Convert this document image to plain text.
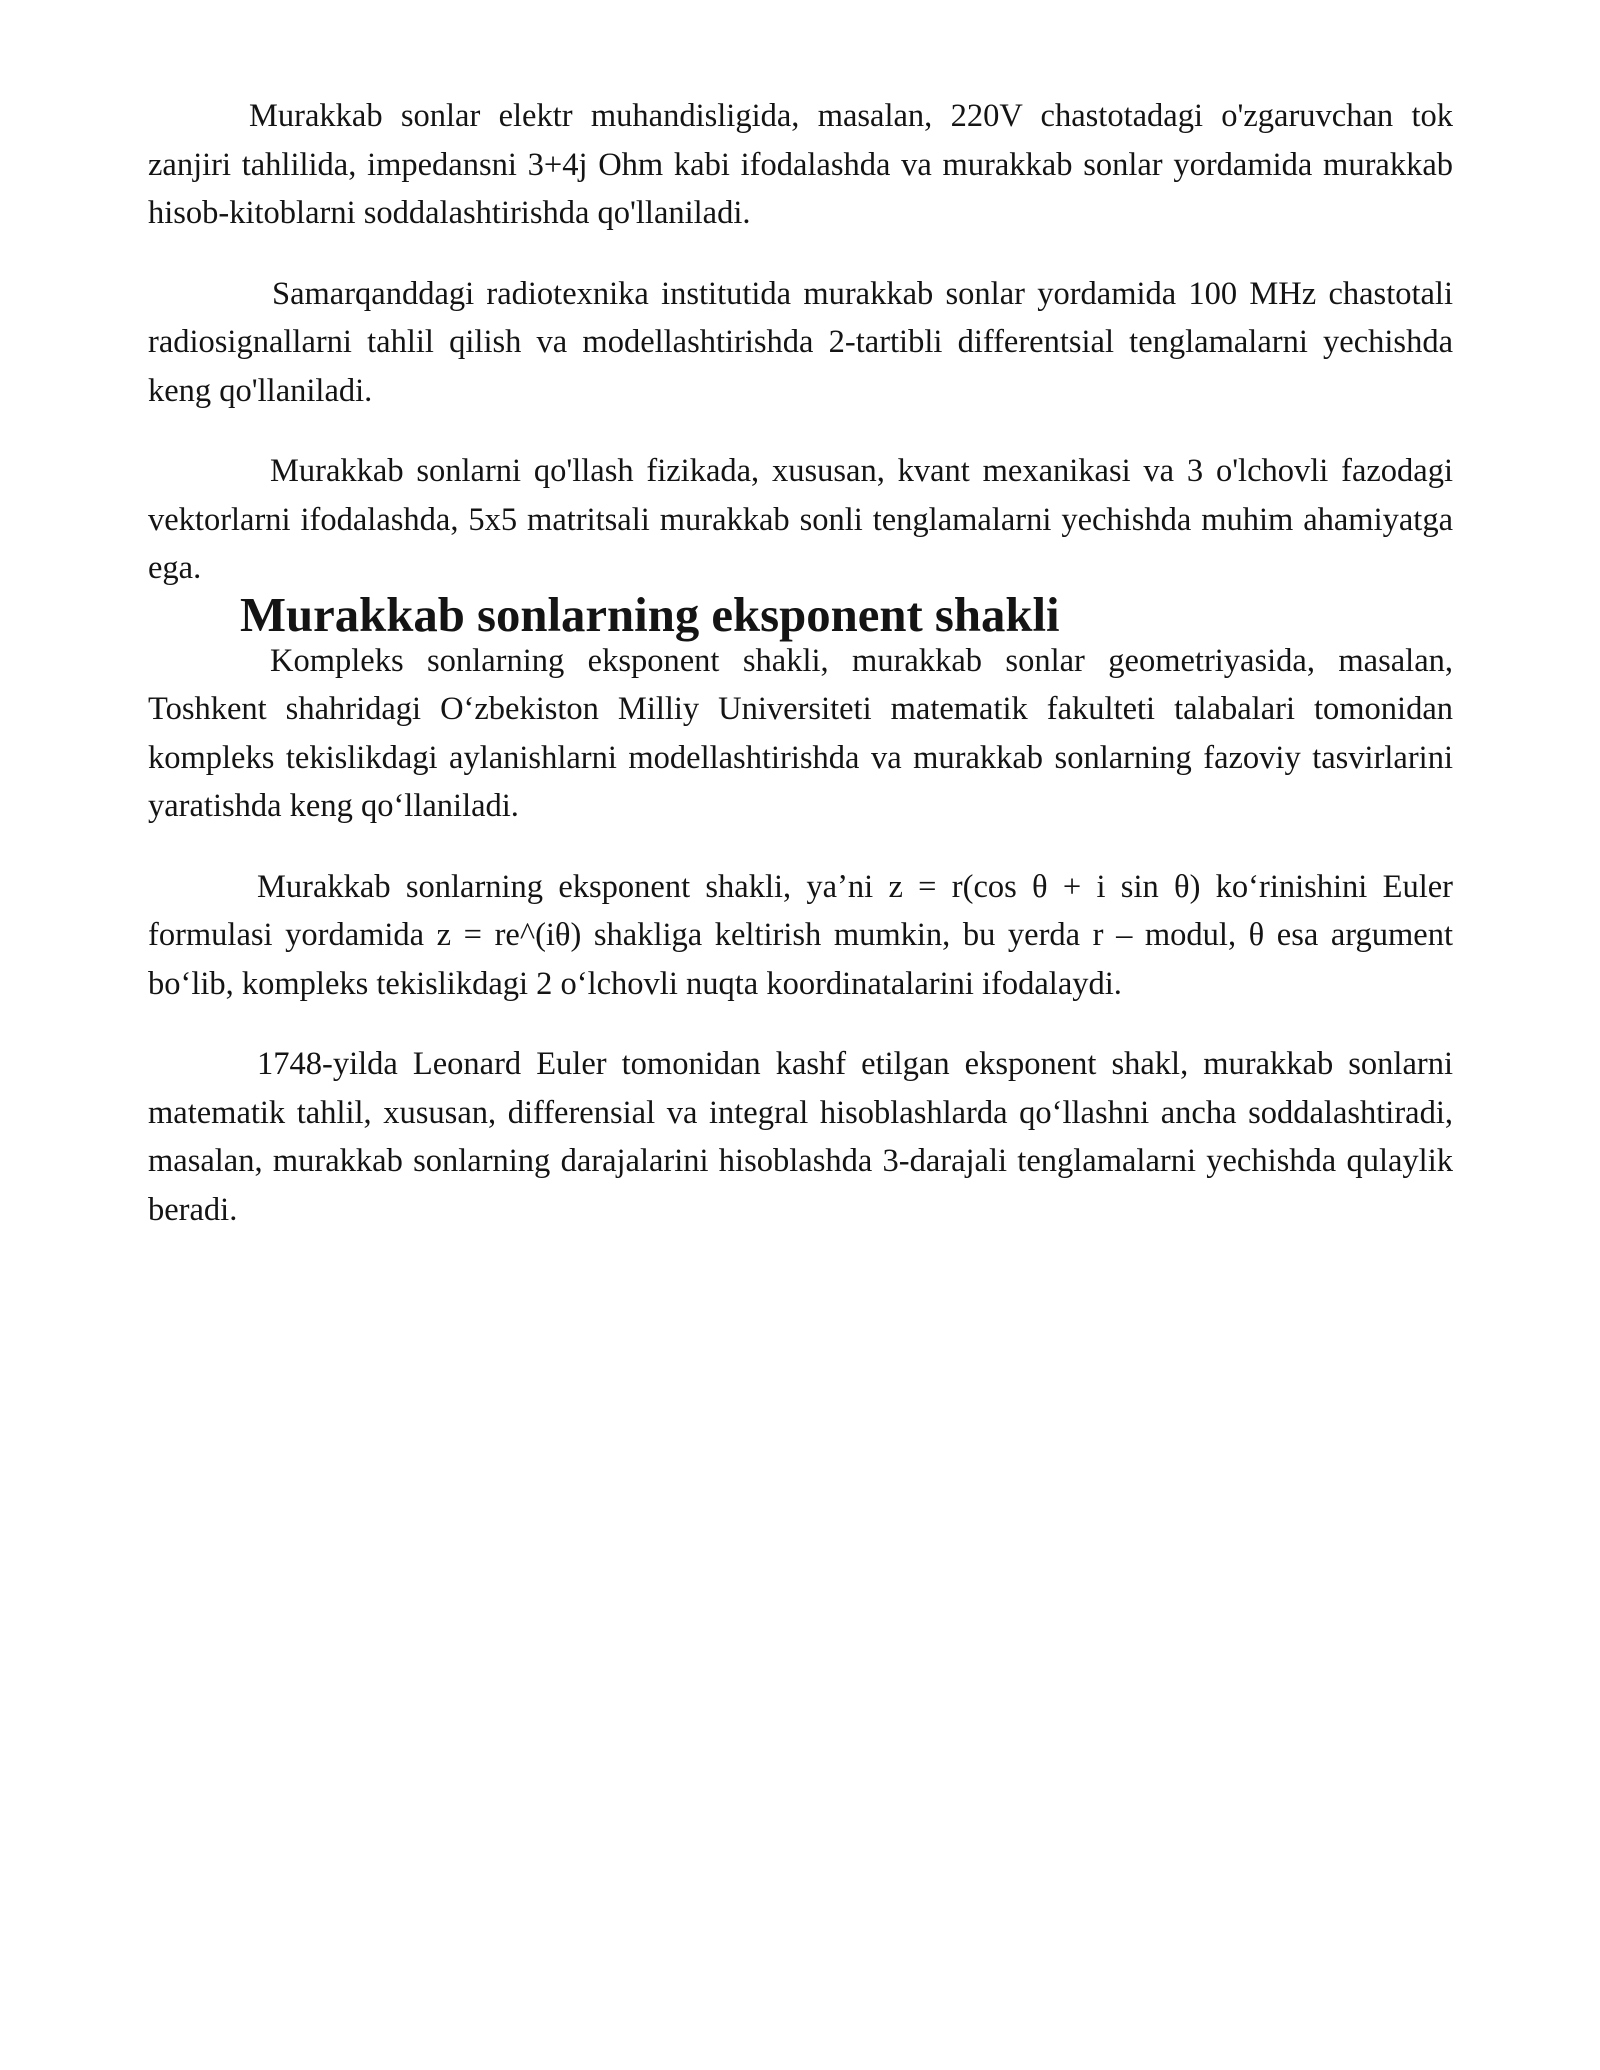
Murakkab sonlar elektr muhandisligida, masalan, 220V chastotadagi o'zgaruvchan tok zanjiri tahlilida, impedansni 3+4j Ohm kabi ifodalashda va murakkab sonlar yordamida murakkab hisob-kitoblarni soddalashtirishda qo'llaniladi.

Samarqanddagi radiotexnika institutida murakkab sonlar yordamida 100 MHz chastotali radiosignallarni tahlil qilish va modellashtirishda 2-tartibli differentsial tenglamalarni yechishda keng qo'llaniladi.

Murakkab sonlarni qo'llash fizikada, xususan, kvant mexanikasi va 3 o'lchovli fazodagi vektorlarni ifodalashda, 5x5 matritsali murakkab sonli tenglamalarni yechishda muhim ahamiyatga ega.

Murakkab sonlarning eksponent shakli

Kompleks sonlarning eksponent shakli, murakkab sonlar geometriyasida, masalan, Toshkent shahridagi Oʻzbekiston Milliy Universiteti matematik fakulteti talabalari tomonidan kompleks tekislikdagi aylanishlarni modellashtirishda va murakkab sonlarning fazoviy tasvirlarini yaratishda keng qoʻllaniladi.

Murakkab sonlarning eksponent shakli, yaʼni z = r(cos θ + i sin θ) koʻrinishini Euler formulasi yordamida z = re^(iθ) shakliga keltirish mumkin, bu yerda r – modul, θ esa argument boʻlib, kompleks tekislikdagi 2 oʻlchovli nuqta koordinatalarini ifodalaydi.

1748-yilda Leonard Euler tomonidan kashf etilgan eksponent shakl, murakkab sonlarni matematik tahlil, xususan, differensial va integral hisoblashlarda qoʻllashni ancha soddalashtiradi, masalan, murakkab sonlarning darajalarini hisoblashda 3-darajali tenglamalarni yechishda qulaylik beradi.
